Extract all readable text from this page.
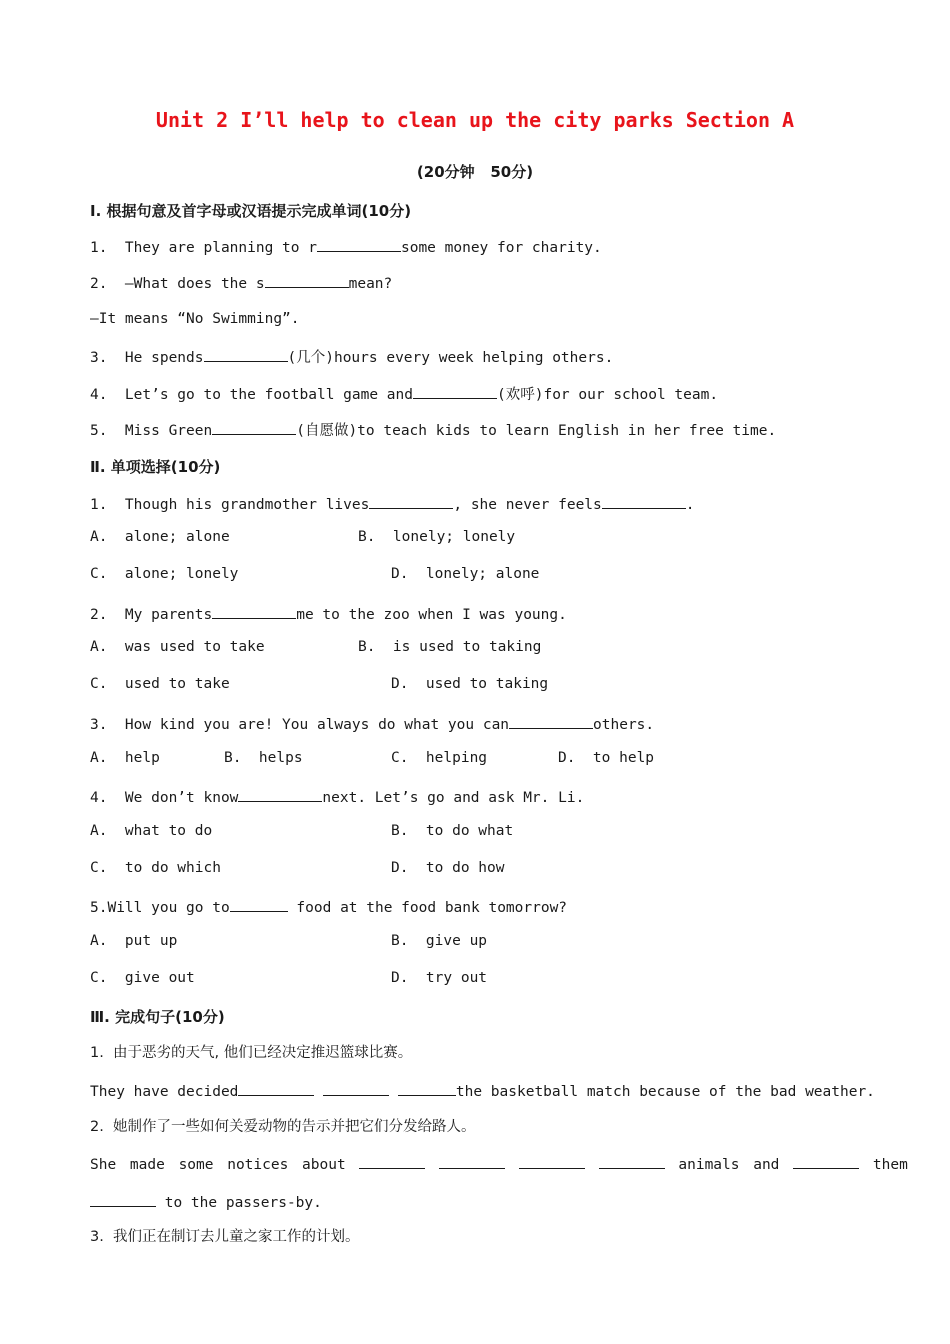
Unit 2 I’ll help to clean up the city parks Section A
(20分钟   50分)
Ⅰ. 根据句意及首字母或汉语提示完成单词(10分)
1.  They are planning to r	some money for charity.
2.  —What does the s	mean?
—It means “No Swimming”.
3.  He spends	(几个)hours every week helping others.
4.  Let’s go to the football game and	(欢呼)for our school team.
5.  Miss Green	(自愿做)to teach kids to learn English in her free time.
Ⅱ. 单项选择(10分)
1.  Though his grandmother lives	, she never feels	.
A.  alone; alone	B.  lonely; lonely
C.  alone; lonely	D.  lonely; alone
2.  My parents	me to the zoo when I was young.
A.  was used to take	B.  is used to taking
C.  used to take	D.  used to taking
3.  How kind you are! You always do what you can	others.
A.  help	B.  helps	C.  helping	D.  to help
4.  We don’t know	next. Let’s go and ask Mr. Li.
A.  what to do	B.  to do what
C.  to do which	D.  to do how
5.Will you go to	food at the food bank tomorrow?
A.  put up	B.  give up
C.  give out	D.  try out
Ⅲ. 完成句子(10分)
1.  由于恶劣的天气, 他们已经决定推迟篮球比赛。
They have decided	the basketball match because of the bad weather.
2.  她制作了一些如何关爱动物的告示并把它们分发给路人。
She made some notices about	animals and	them
to the passers-by.
3.  我们正在制订去儿童之家工作的计划。
